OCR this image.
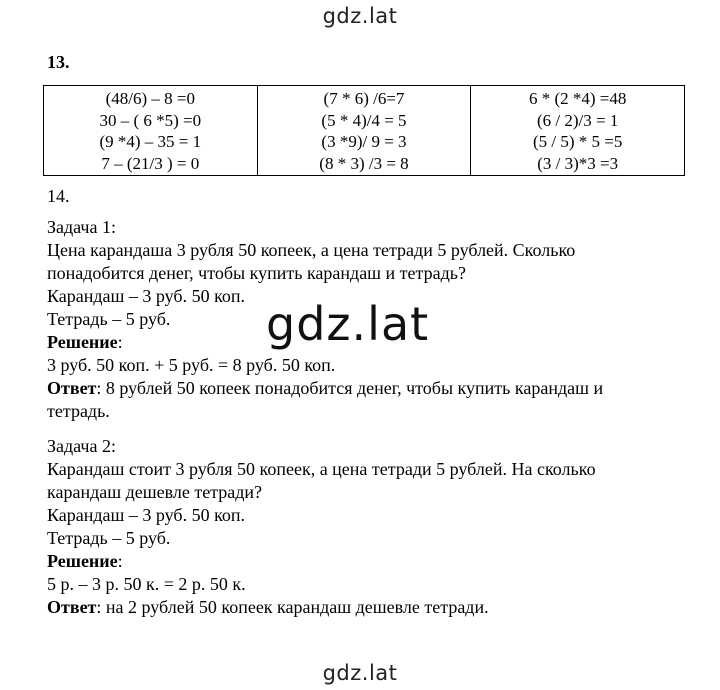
gdz.lat
13.
(48/6) – 8 =0
30 – ( 6 *5) =0
(9 *4) – 35 = 1
7 – (21/3 ) = 0

(7 * 6) /6=7
(5 * 4)/4 = 5
(3 *9)/ 9 = 3
(8 * 3) /3 = 8

6 * (2 *4) =48
(6 / 2)/3 = 1
(5 / 5) * 5 =5
(3 / 3)*3 =3
14.
Задача 1:
Цена карандаша 3 рубля 50 копеек, а цена тетради 5 рублей. Сколько
понадобится денег, чтобы купить карандаш и тетрадь?
Карандаш – 3 руб. 50 коп.
Тетрадь – 5 руб.
Решение:
3 руб. 50 коп. + 5 руб. = 8 руб. 50 коп.
Ответ: 8 рублей 50 копеек понадобится денег, чтобы купить карандаш и
тетрадь.
Задача 2:
Карандаш стоит 3 рубля 50 копеек, а цена тетради 5 рублей. На сколько
карандаш дешевле тетради?
Карандаш – 3 руб. 50 коп.
Тетрадь – 5 руб.
Решение:
5 р. – 3 р. 50 к. = 2 р. 50 к.
Ответ: на 2 рублей 50 копеек карандаш дешевле тетради.
gdz.lat
gdz.lat
